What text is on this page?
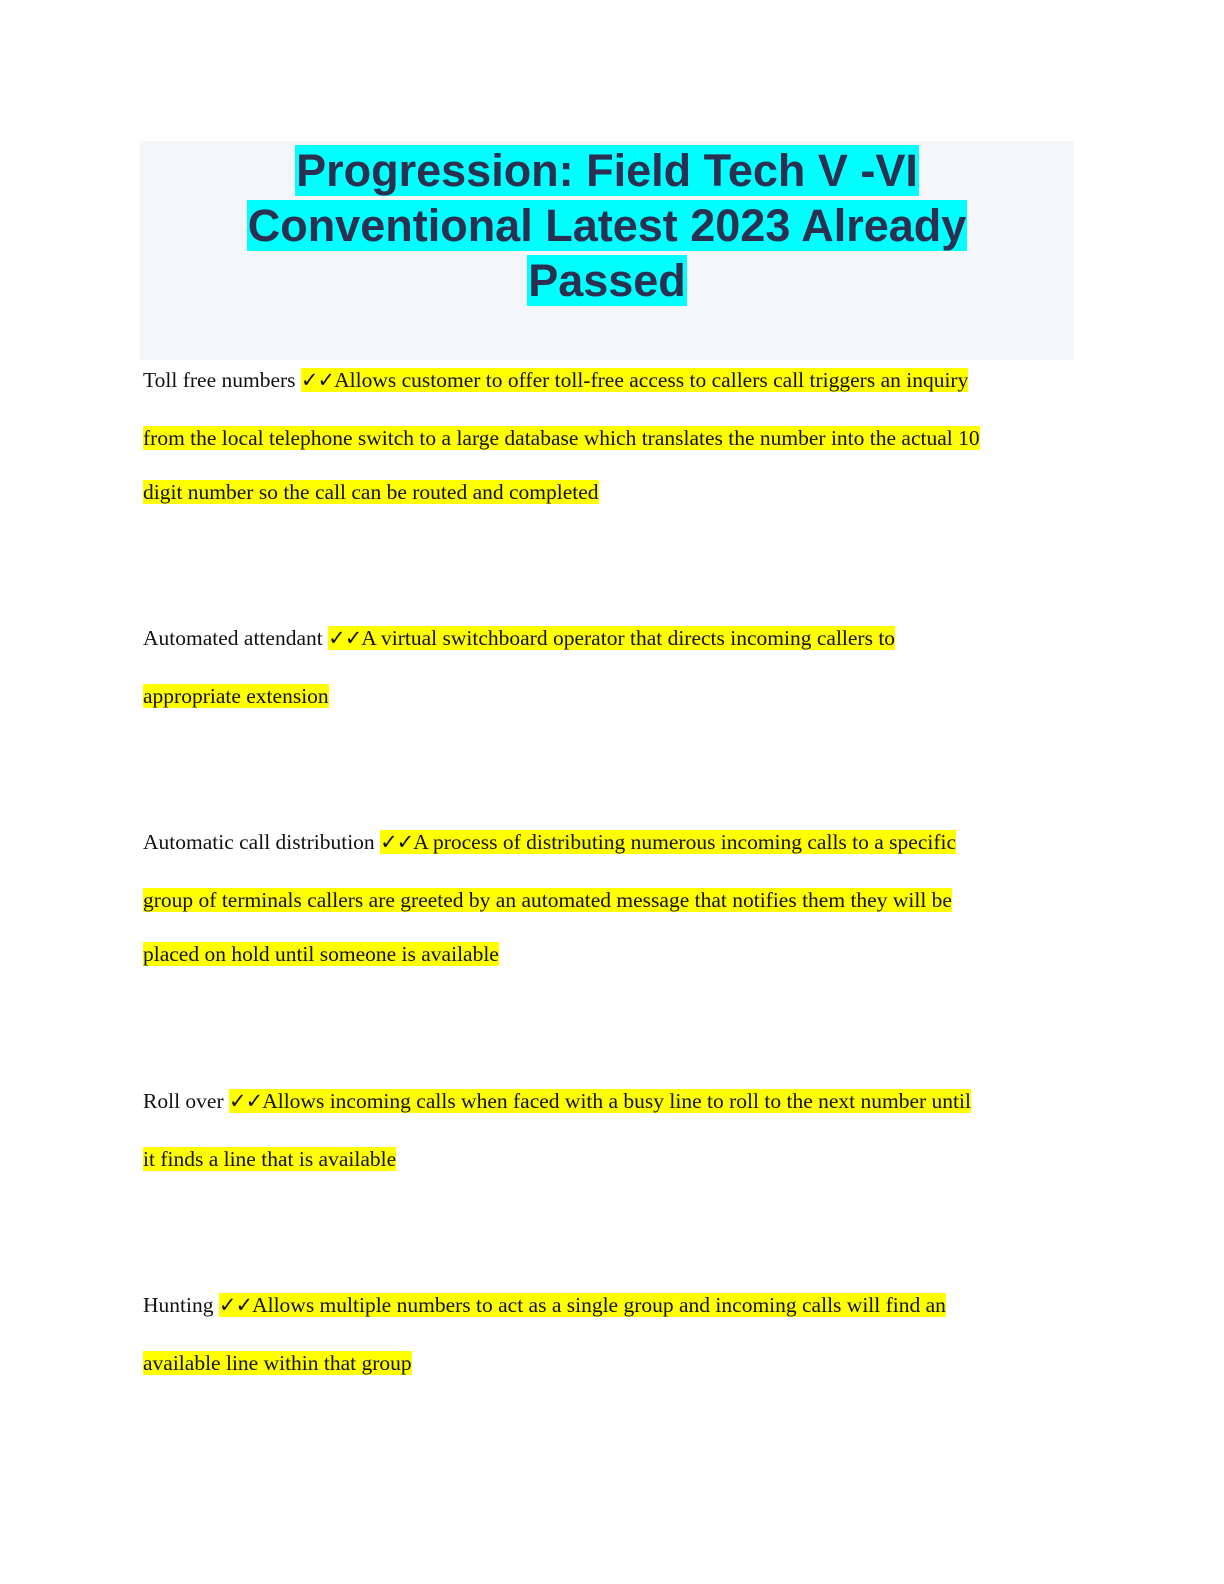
Progression: Field Tech V -VI
Conventional Latest 2023 Already
Passed
Toll free numbers ✓✓Allows customer to offer toll-free access to callers call triggers an inquiry
from the local telephone switch to a large database which translates the number into the actual 10
digit number so the call can be routed and completed
Automated attendant ✓✓A virtual switchboard operator that directs incoming callers to
appropriate extension
Automatic call distribution ✓✓A process of distributing numerous incoming calls to a specific
group of terminals callers are greeted by an automated message that notifies them they will be
placed on hold until someone is available
Roll over ✓✓Allows incoming calls when faced with a busy line to roll to the next number until
it finds a line that is available
Hunting ✓✓Allows multiple numbers to act as a single group and incoming calls will find an
available line within that group
